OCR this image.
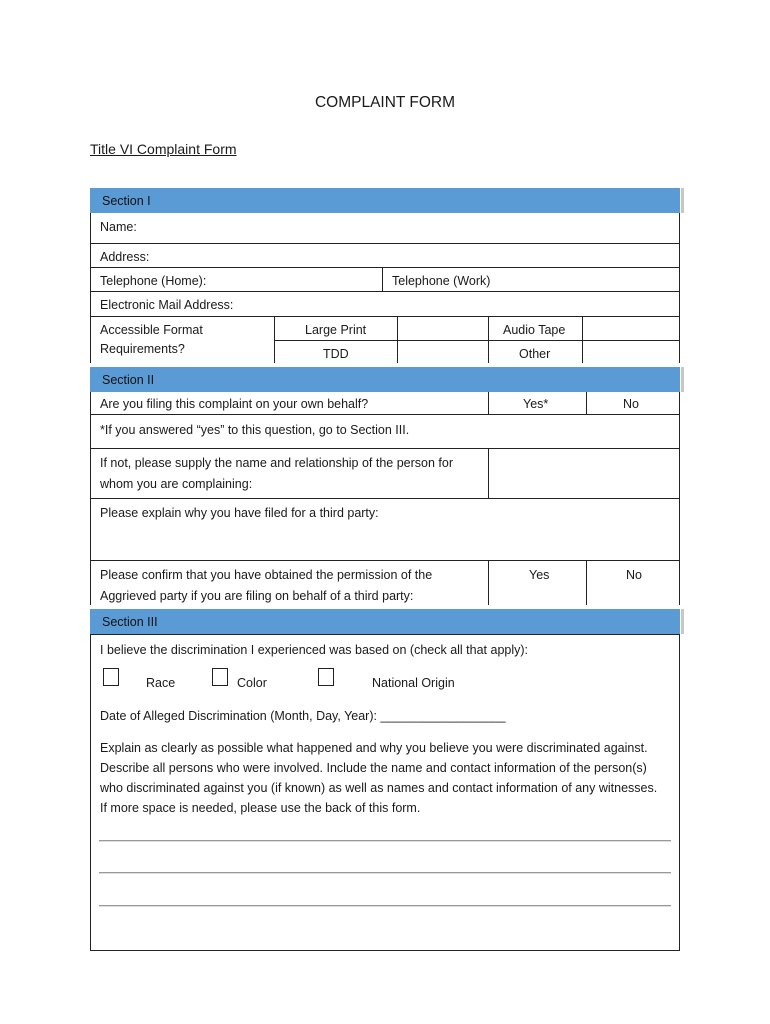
COMPLAINT FORM
Title VI Complaint Form
Section I
Name:
Address:
Telephone (Home):	Telephone (Work)
Electronic Mail Address:
Accessible Format
Requirements?
Large Print	Audio Tape
TDD	Other
Section II
Are you filing this complaint on your own behalf?	Yes*	No
*If you answered “yes” to this question, go to Section III.
If not, please supply the name and relationship of the person for
whom you are complaining:
Please explain why you have filed for a third party:
Please confirm that you have obtained the permission of the
Aggrieved party if you are filing on behalf of a third party:
Yes	No
Section III
I believe the discrimination I experienced was based on (check all that apply):
Race	Color	National Origin
Date of Alleged Discrimination (Month, Day, Year): __________________
Explain as clearly as possible what happened and why you believe you were discriminated against.
Describe all persons who were involved. Include the name and contact information of the person(s)
who discriminated against you (if known) as well as names and contact information of any witnesses.
If more space is needed, please use the back of this form.
